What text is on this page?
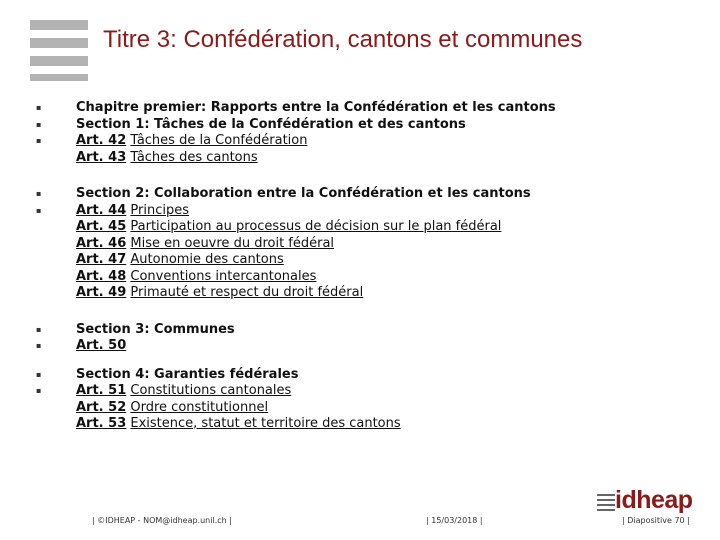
Titre 3: Confédération, cantons et communes
▪	Chapitre premier: Rapports entre la Confédération et les cantons
▪	Section 1: Tâches de la Confédération et des cantons
▪	Art. 42 Tâches de la Confédération
Art. 43 Tâches des cantons
▪	Section 2: Collaboration entre la Confédération et les cantons
▪	Art. 44 Principes
Art. 45 Participation au processus de décision sur le plan fédéral
Art. 46 Mise en oeuvre du droit fédéral
Art. 47 Autonomie des cantons
Art. 48 Conventions intercantonales
Art. 49 Primauté et respect du droit fédéral
▪	Section 3: Communes
▪	Art. 50
▪	Section 4: Garanties fédérales
▪	Art. 51 Constitutions cantonales
Art. 52 Ordre constitutionnel
Art. 53 Existence, statut et territoire des cantons
idheap
| ©IDHEAP - NOM@idheap.unil.ch |	| 15/03/2018 |	| Diapositive 70 |
